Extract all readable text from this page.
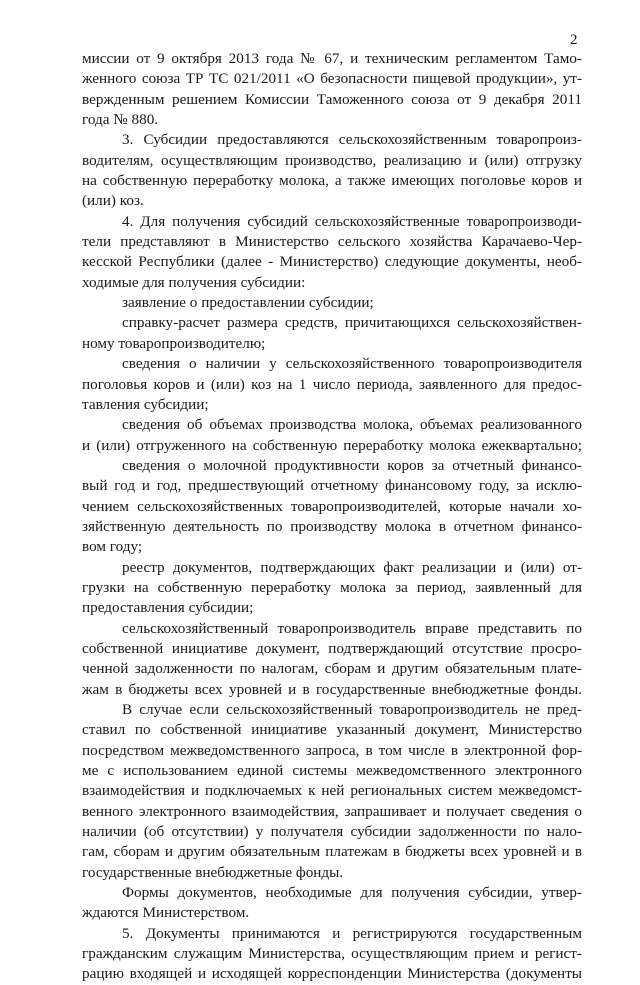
2
миссии от 9 октября 2013 года № 67, и техническим регламентом Тамо-
женного союза ТР ТС 021/2011 «О безопасности пищевой продукции», ут-
вержденным решением Комиссии Таможенного союза от 9 декабря 2011
года № 880.
3. Субсидии предоставляются сельскохозяйственным товаропроиз-
водителям, осуществляющим производство, реализацию и (или) отгрузку
на собственную переработку молока, а также имеющих поголовье коров и
(или) коз.
4. Для получения субсидий сельскохозяйственные товаропроизводи-
тели представляют в Министерство сельского хозяйства Карачаево-Чер-
кесской Республики (далее - Министерство) следующие документы, необ-
ходимые для получения субсидии:
заявление о предоставлении субсидии;
справку-расчет размера средств, причитающихся сельскохозяйствен-
ному товаропроизводителю;
сведения о наличии у сельскохозяйственного товаропроизводителя
поголовья коров и (или) коз на 1 число периода, заявленного для предос-
тавления субсидии;
сведения об объемах производства молока, объемах реализованного
и (или) отгруженного на собственную переработку молока ежеквартально;
сведения о молочной продуктивности коров за отчетный финансо-
вый год и год, предшествующий отчетному финансовому году, за исклю-
чением сельскохозяйственных товаропроизводителей, которые начали хо-
зяйственную деятельность по производству молока в отчетном финансо-
вом году;
реестр документов, подтверждающих факт реализации и (или) от-
грузки на собственную переработку молока за период, заявленный для
предоставления субсидии;
сельскохозяйственный товаропроизводитель вправе представить по
собственной инициативе документ, подтверждающий отсутствие просро-
ченной задолженности по налогам, сборам и другим обязательным плате-
жам в бюджеты всех уровней и в государственные внебюджетные фонды.
В случае если сельскохозяйственный товаропроизводитель не пред-
ставил по собственной инициативе указанный документ, Министерство
посредством межведомственного запроса, в том числе в электронной фор-
ме с использованием единой системы межведомственного электронного
взаимодействия и подключаемых к ней региональных систем межведомст-
венного электронного взаимодействия, запрашивает и получает сведения о
наличии (об отсутствии) у получателя субсидии задолженности по нало-
гам, сборам и другим обязательным платежам в бюджеты всех уровней и в
государственные внебюджетные фонды.
Формы документов, необходимые для получения субсидии, утвер-
ждаются Министерством.
5. Документы принимаются и регистрируются государственным
гражданским служащим Министерства, осуществляющим прием и регист-
рацию входящей и исходящей корреспонденции Министерства (документы
